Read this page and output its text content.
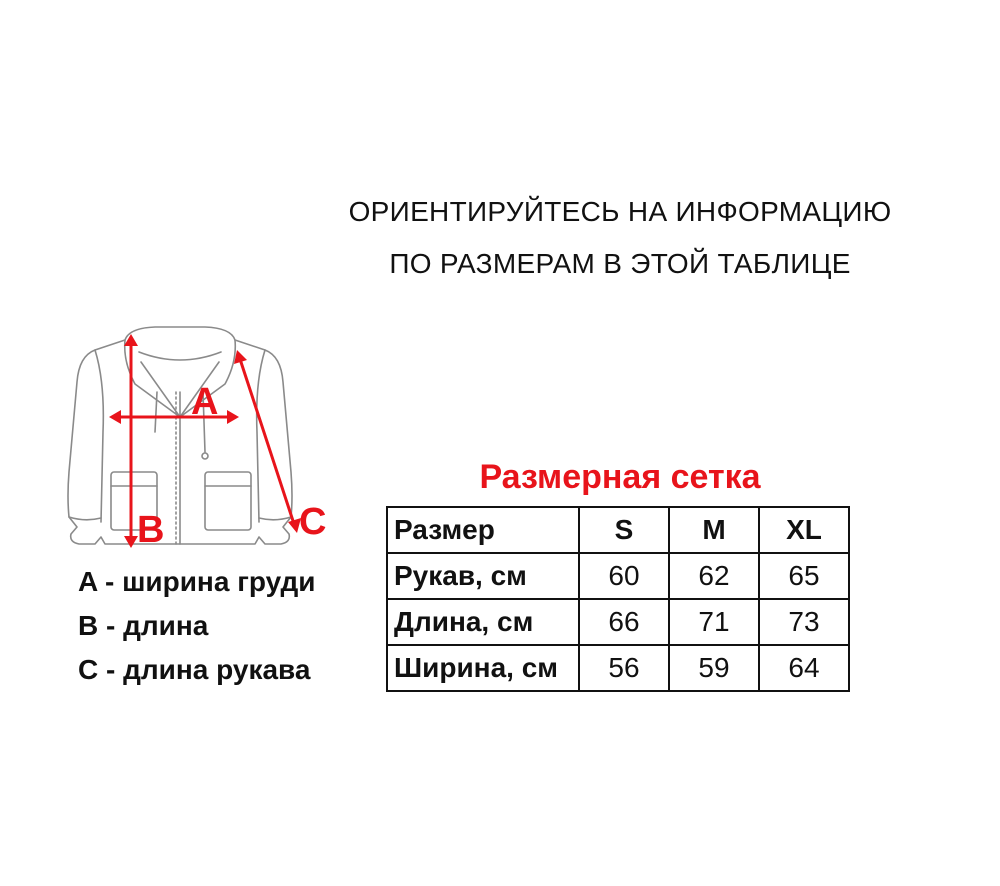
ОРИЕНТИРУЙТЕСЬ НА ИНФОРМАЦИЮ
ПО РАЗМЕРАМ В ЭТОЙ ТАБЛИЦЕ
A
B	C
A - ширина груди
B - длина
C - длина рукава
Размерная сетка
Размер	S	M	XL
Рукав, см	60	62	65
Длина, см	66	71	73
Ширина, см	56	59	64
